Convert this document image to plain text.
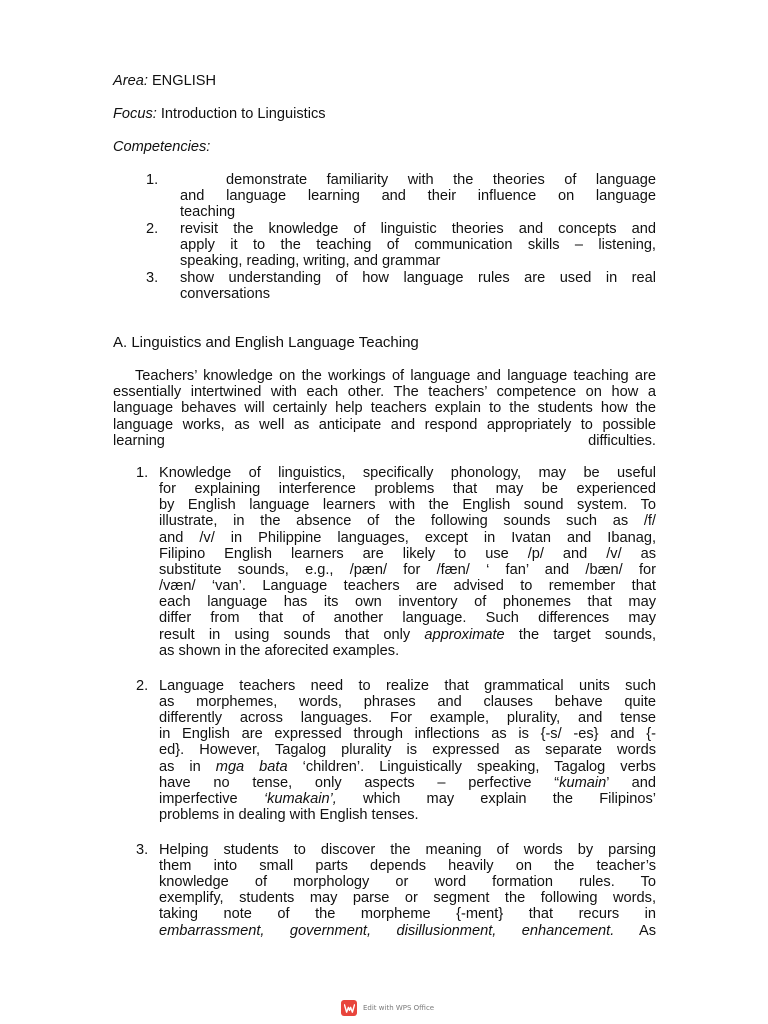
Area: ENGLISH

Focus: Introduction to Linguistics

Competencies:

1.	demonstrate familiarity with the theories of language

and language learning and their influence on language

teaching

2. revisit the knowledge of linguistic theories and concepts and

apply it to the teaching of communication skills – listening,

speaking, reading, writing, and grammar

3. show understanding of how language rules are used in real

conversations

A. Linguistics and English Language Teaching

Teachers’ knowledge on the workings of language and language teaching are essentially intertwined with each other. The teachers’ competence on how a language behaves will certainly help teachers explain to the students how the language works, as well as anticipate and respond appropriately to possible learning difficulties.

1. Knowledge of linguistics, specifically phonology, may be useful

for explaining interference problems that may be experienced

by English language learners with the English sound system. To

illustrate, in the absence of the following sounds such as /f/

and /v/ in Philippine languages, except in Ivatan and Ibanag,

Filipino English learners are likely to use /p/ and /v/ as

substitute sounds, e.g., /pæn/ for /fæn/ ‘ fan’ and /bæn/ for

/væn/ ‘van’. Language teachers are advised to remember that

each language has its own inventory of phonemes that may

differ from that of another language. Such differences may

result in using sounds that only approximate the target sounds,

as shown in the aforecited examples.

2. Language teachers need to realize that grammatical units such

as morphemes, words, phrases and clauses behave quite

differently across languages. For example, plurality, and tense

in English are expressed through inflections as is {-s/ -es} and {-

ed}. However, Tagalog plurality is expressed as separate words

as in mga bata ‘children’. Linguistically speaking, Tagalog verbs

have no tense, only aspects – perfective “kumain’ and

imperfective ‘kumakain’, which may explain the Filipinos’

problems in dealing with English tenses.

3. Helping students to discover the meaning of words by parsing

them into small parts depends heavily on the teacher’s

knowledge of morphology or word formation rules. To

exemplify, students may parse or segment the following words,

taking note of the morpheme {-ment} that recurs in

embarrassment, government, disillusionment, enhancement. As

Edit with WPS Office
